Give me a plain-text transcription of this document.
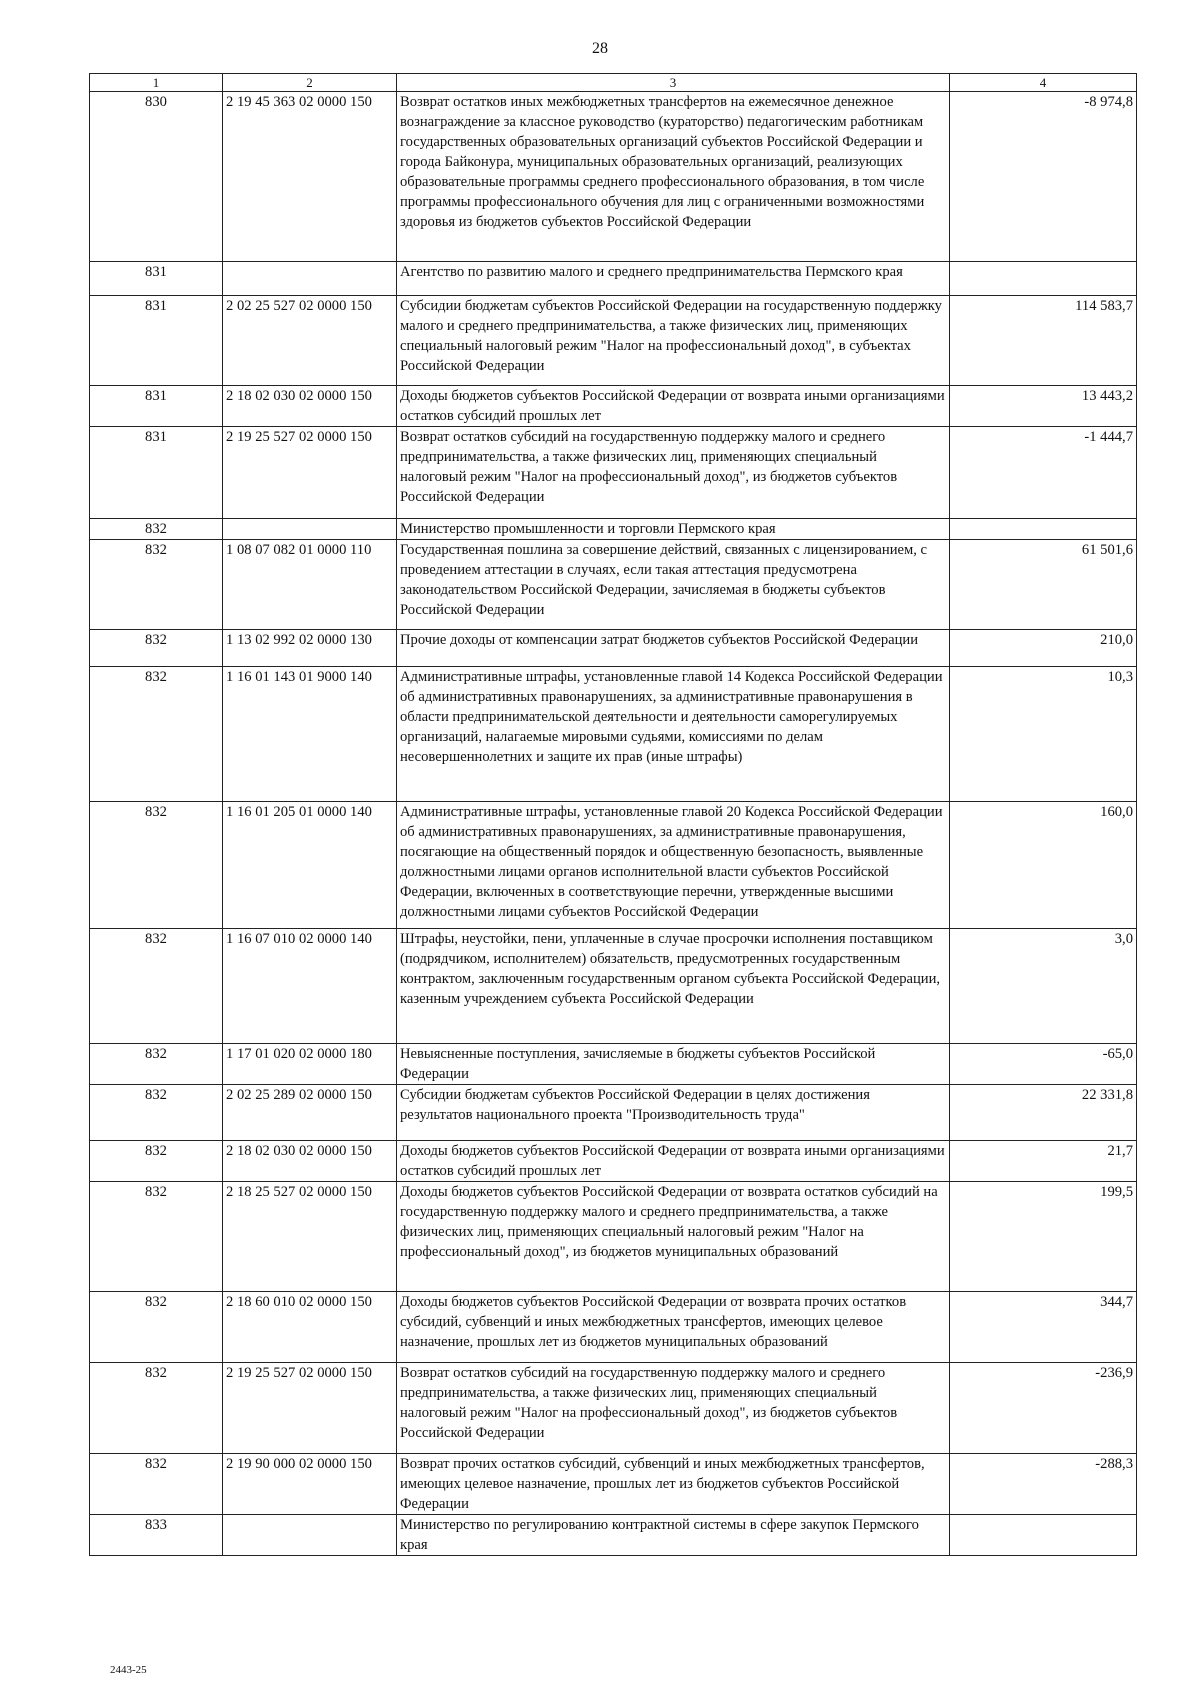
28
1	2	3	4
830	2 19 45 363 02 0000 150	Возврат остатков иных межбюджетных трансфертов на ежемесячное денежное вознаграждение за классное руководство (кураторство) педагогическим работникам государственных образовательных организаций субъектов Российской Федерации и города Байконура, муниципальных образовательных организаций, реализующих образовательные программы среднего профессионального образования, в том числе программы профессионального обучения для лиц с ограниченными возможностями здоровья из бюджетов субъектов Российской Федерации	-8 974,8
831		Агентство по развитию малого и среднего предпринимательства Пермского края	
831	2 02 25 527 02 0000 150	Субсидии бюджетам субъектов Российской Федерации на государственную поддержку малого и среднего предпринимательства, а также физических лиц, применяющих специальный налоговый режим "Налог на профессиональный доход", в субъектах Российской Федерации	114 583,7
831	2 18 02 030 02 0000 150	Доходы бюджетов субъектов Российской Федерации от возврата иными организациями остатков субсидий прошлых лет	13 443,2
831	2 19 25 527 02 0000 150	Возврат остатков субсидий на государственную поддержку малого и среднего предпринимательства, а также физических лиц, применяющих специальный налоговый режим "Налог на профессиональный доход", из бюджетов субъектов Российской Федерации	-1 444,7
832		Министерство промышленности и торговли Пермского края	
832	1 08 07 082 01 0000 110	Государственная пошлина за совершение действий, связанных с лицензированием, с проведением аттестации в случаях, если такая аттестация предусмотрена законодательством Российской Федерации, зачисляемая в бюджеты субъектов Российской Федерации	61 501,6
832	1 13 02 992 02 0000 130	Прочие доходы от компенсации затрат бюджетов субъектов Российской Федерации	210,0
832	1 16 01 143 01 9000 140	Административные штрафы, установленные главой 14 Кодекса Российской Федерации об административных правонарушениях, за административные правонарушения в области предпринимательской деятельности и деятельности саморегулируемых организаций, налагаемые мировыми судьями, комиссиями по делам несовершеннолетних и защите их прав (иные штрафы)	10,3
832	1 16 01 205 01 0000 140	Административные штрафы, установленные главой 20 Кодекса Российской Федерации об административных правонарушениях, за административные правонарушения, посягающие на общественный порядок и общественную безопасность, выявленные должностными лицами органов исполнительной власти субъектов Российской Федерации, включенных в соответствующие перечни, утвержденные высшими должностными лицами субъектов Российской Федерации	160,0
832	1 16 07 010 02 0000 140	Штрафы, неустойки, пени, уплаченные в случае просрочки исполнения поставщиком (подрядчиком, исполнителем) обязательств, предусмотренных государственным контрактом, заключенным государственным органом субъекта Российской Федерации, казенным учреждением субъекта Российской Федерации	3,0
832	1 17 01 020 02 0000 180	Невыясненные поступления, зачисляемые в бюджеты субъектов Российской Федерации	-65,0
832	2 02 25 289 02 0000 150	Субсидии бюджетам субъектов Российской Федерации в целях достижения результатов национального проекта "Производительность труда"	22 331,8
832	2 18 02 030 02 0000 150	Доходы бюджетов субъектов Российской Федерации от возврата иными организациями остатков субсидий прошлых лет	21,7
832	2 18 25 527 02 0000 150	Доходы бюджетов субъектов Российской Федерации от возврата остатков субсидий на государственную поддержку малого и среднего предпринимательства, а также физических лиц, применяющих специальный налоговый режим "Налог на профессиональный доход", из бюджетов муниципальных образований	199,5
832	2 18 60 010 02 0000 150	Доходы бюджетов субъектов Российской Федерации от возврата прочих остатков субсидий, субвенций и иных межбюджетных трансфертов, имеющих целевое назначение, прошлых лет из бюджетов муниципальных образований	344,7
832	2 19 25 527 02 0000 150	Возврат остатков субсидий на государственную поддержку малого и среднего предпринимательства, а также физических лиц, применяющих специальный налоговый режим "Налог на профессиональный доход", из бюджетов субъектов Российской Федерации	-236,9
832	2 19 90 000 02 0000 150	Возврат прочих остатков субсидий, субвенций и иных межбюджетных трансфертов, имеющих целевое назначение, прошлых лет из бюджетов субъектов Российской Федерации	-288,3
833		Министерство по регулированию контрактной системы в сфере закупок Пермского края	
2443-25
